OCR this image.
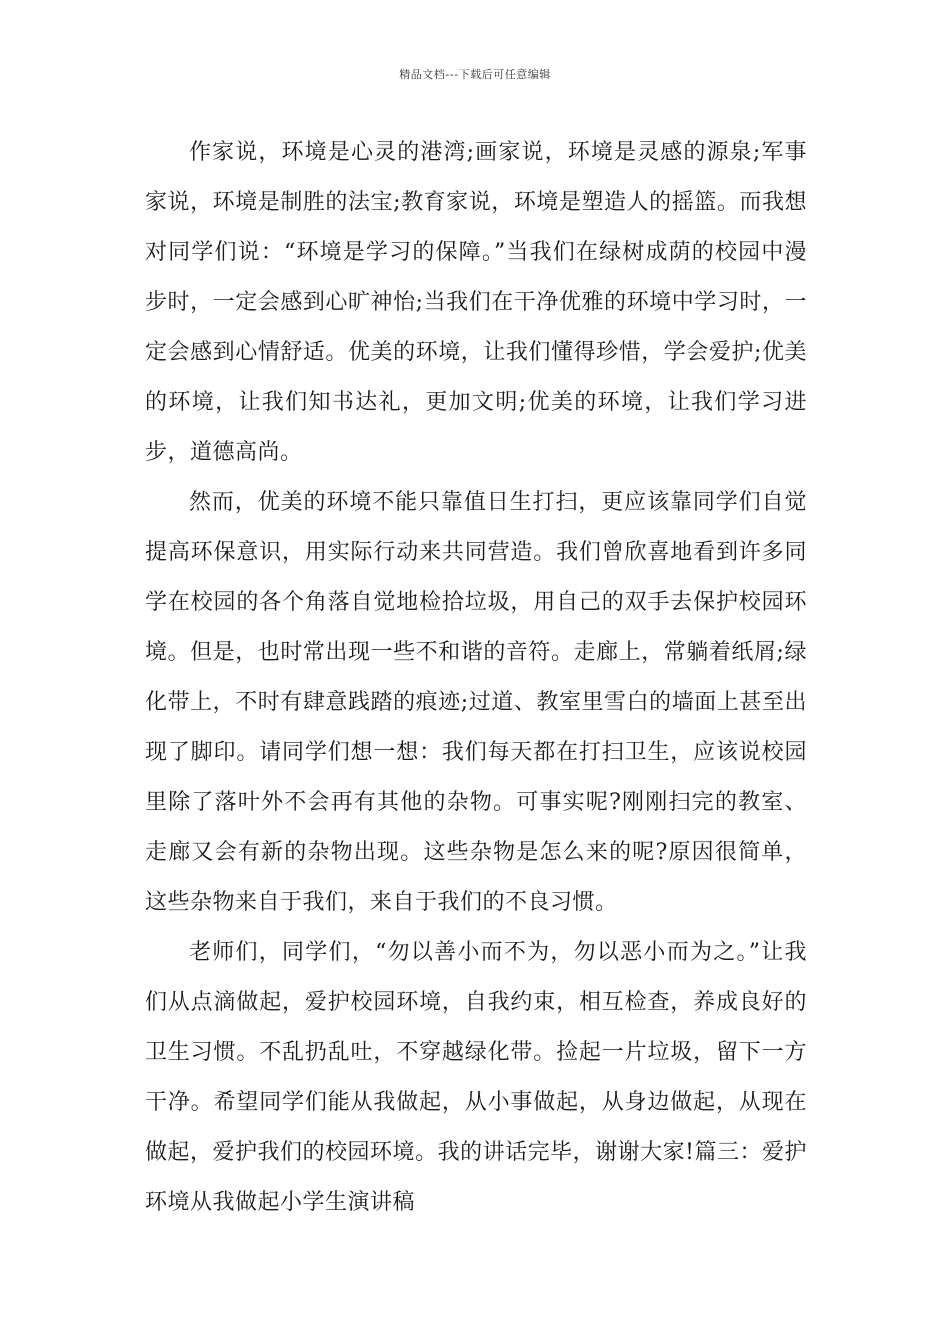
精品文档---下载后可任意编辑

作家说，环境是心灵的港湾;画家说，环境是灵感的源泉;军事家说，环境是制胜的法宝;教育家说，环境是塑造人的摇篮。而我想对同学们说：“环境是学习的保障。”当我们在绿树成荫的校园中漫步时，一定会感到心旷神怡;当我们在干净优雅的环境中学习时，一定会感到心情舒适。优美的环境，让我们懂得珍惜，学会爱护;优美的环境，让我们知书达礼，更加文明;优美的环境，让我们学习进步，道德高尚。

然而，优美的环境不能只靠值日生打扫，更应该靠同学们自觉提高环保意识，用实际行动来共同营造。我们曾欣喜地看到许多同学在校园的各个角落自觉地检拾垃圾，用自己的双手去保护校园环境。但是，也时常出现一些不和谐的音符。走廊上，常躺着纸屑;绿化带上，不时有肆意践踏的痕迹;过道、教室里雪白的墙面上甚至出现了脚印。请同学们想一想：我们每天都在打扫卫生，应该说校园里除了落叶外不会再有其他的杂物。可事实呢?刚刚扫完的教室、走廊又会有新的杂物出现。这些杂物是怎么来的呢?原因很简单，这些杂物来自于我们，来自于我们的不良习惯。

老师们，同学们，“勿以善小而不为，勿以恶小而为之。”让我们从点滴做起，爱护校园环境，自我约束，相互检查，养成良好的卫生习惯。不乱扔乱吐，不穿越绿化带。捡起一片垃圾，留下一方干净。希望同学们能从我做起，从小事做起，从身边做起，从现在做起，爱护我们的校园环境。我的讲话完毕，谢谢大家!篇三：爱护环境从我做起小学生演讲稿
